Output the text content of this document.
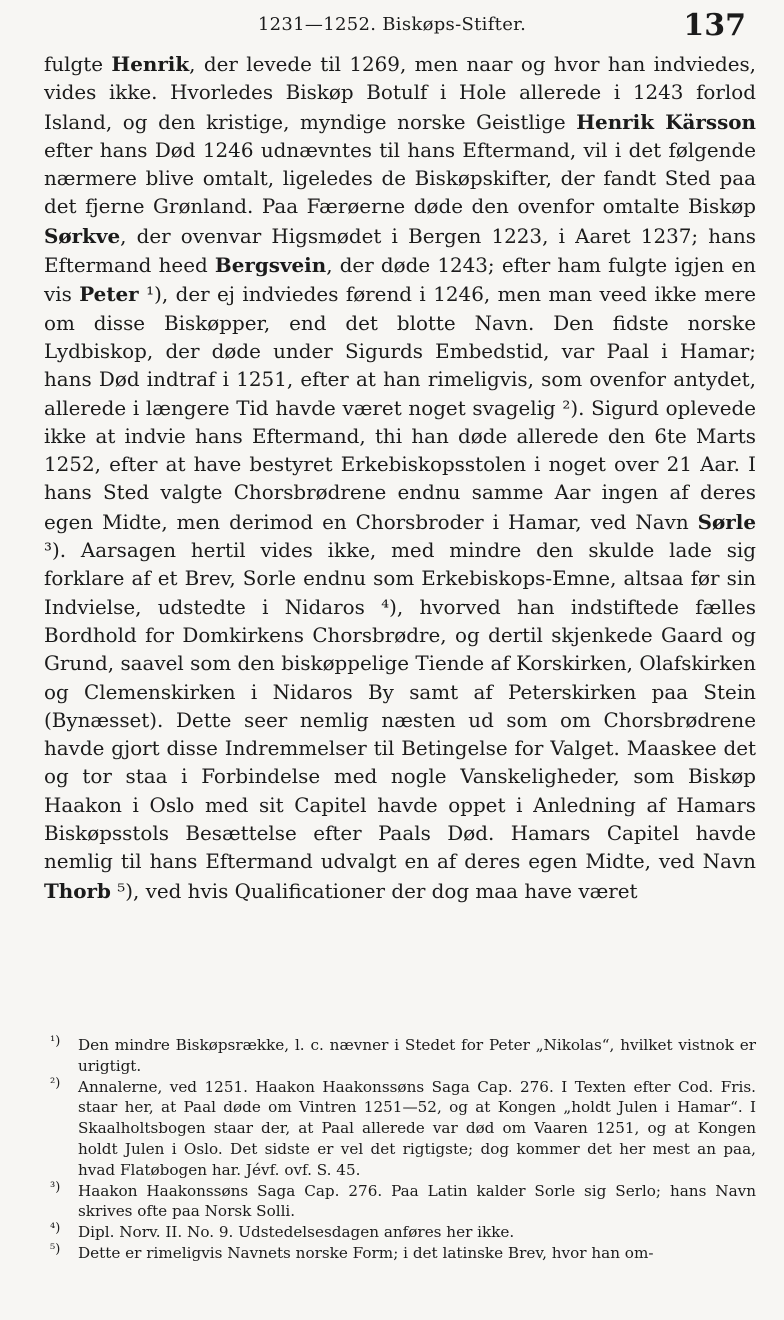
1231—1252. Biskøps-Stifter.	137

fulgte Henrik, der levede til 1269, men naar og hvor han indviedes, vides ikke. Hvorledes Biskøp Botulf i Hole allerede i 1243 forlod Island, og den kristige, myndige norske Geistlige Henrik Kärsson efter hans Død 1246 udnævntes til hans Eftermand, vil i det følgende nærmere blive omtalt, ligeledes de Biskøpskifter, der fandt Sted paa det fjerne Grønland. Paa Færøerne døde den ovenfor omtalte Biskøp Sørkve, der ovenvar Higsmødet i Bergen 1223, i Aaret 1237; hans Eftermand heed Bergsvein, der døde 1243; efter ham fulgte igjen en vis Peter ¹), der ej indviedes førend i 1246, men man veed ikke mere om disse Biskøpper, end det blotte Navn. Den fidste norske Lydbiskop, der døde under Sigurds Embedstid, var Paal i Hamar; hans Død indtraf i 1251, efter at han rimeligvis, som ovenfor antydet, allerede i længere Tid havde været noget svagelig ²). Sigurd oplevede ikke at indvie hans Eftermand, thi han døde allerede den 6te Marts 1252, efter at have bestyret Erkebiskopsstolen i noget over 21 Aar. I hans Sted valgte Chorsbrødrene endnu samme Aar ingen af deres egen Midte, men derimod en Chorsbroder i Hamar, ved Navn Sørle ³). Aarsagen hertil vides ikke, med mindre den skulde lade sig forklare af et Brev, Sorle endnu som Erkebiskops-Emne, altsaa før sin Indvielse, udstedte i Nidaros ⁴), hvorved han indstiftede fælles Bordhold for Domkirkens Chorsbrødre, og dertil skjenkede Gaard og Grund, saavel som den biskøppelige Tiende af Korskirken, Olafskirken og Clemenskirken i Nidaros By samt af Peterskirken paa Stein (Bynæsset). Dette seer nemlig næsten ud som om Chorsbrødrene havde gjort disse Indremmelser til Betingelse for Valget. Maaskee det og tor staa i Forbindelse med nogle Vanskeligheder, som Biskøp Haakon i Oslo med sit Capitel havde oppet i Anledning af Hamars Biskøpsstols Besættelse efter Paals Død. Hamars Capitel havde nemlig til hans Eftermand udvalgt en af deres egen Midte, ved Navn Thorb ⁵), ved hvis Qualificationer der dog maa have været

¹) Den mindre Biskøpsrække, l. c. nævner i Stedet for Peter „Nikolas“, hvilket vistnok er urigtigt.
²) Annalerne, ved 1251. Haakon Haakonssøns Saga Cap. 276. I Texten efter Cod. Fris. staar her, at Paal døde om Vintren 1251—52, og at Kongen „holdt Julen i Hamar“. I Skaalholtsbogen staar der, at Paal allerede var død om Vaaren 1251, og at Kongen holdt Julen i Oslo. Det sidste er vel det rigtigste; dog kommer det her mest an paa, hvad Flatøbogen har. Jévf. ovf. S. 45.
³) Haakon Haakonssøns Saga Cap. 276. Paa Latin kalder Sorle sig Serlo; hans Navn skrives ofte paa Norsk Solli.
⁴) Dipl. Norv. II. No. 9. Udstedelsesdagen anføres her ikke.
⁵) Dette er rimeligvis Navnets norske Form; i det latinske Brev, hvor han om-
